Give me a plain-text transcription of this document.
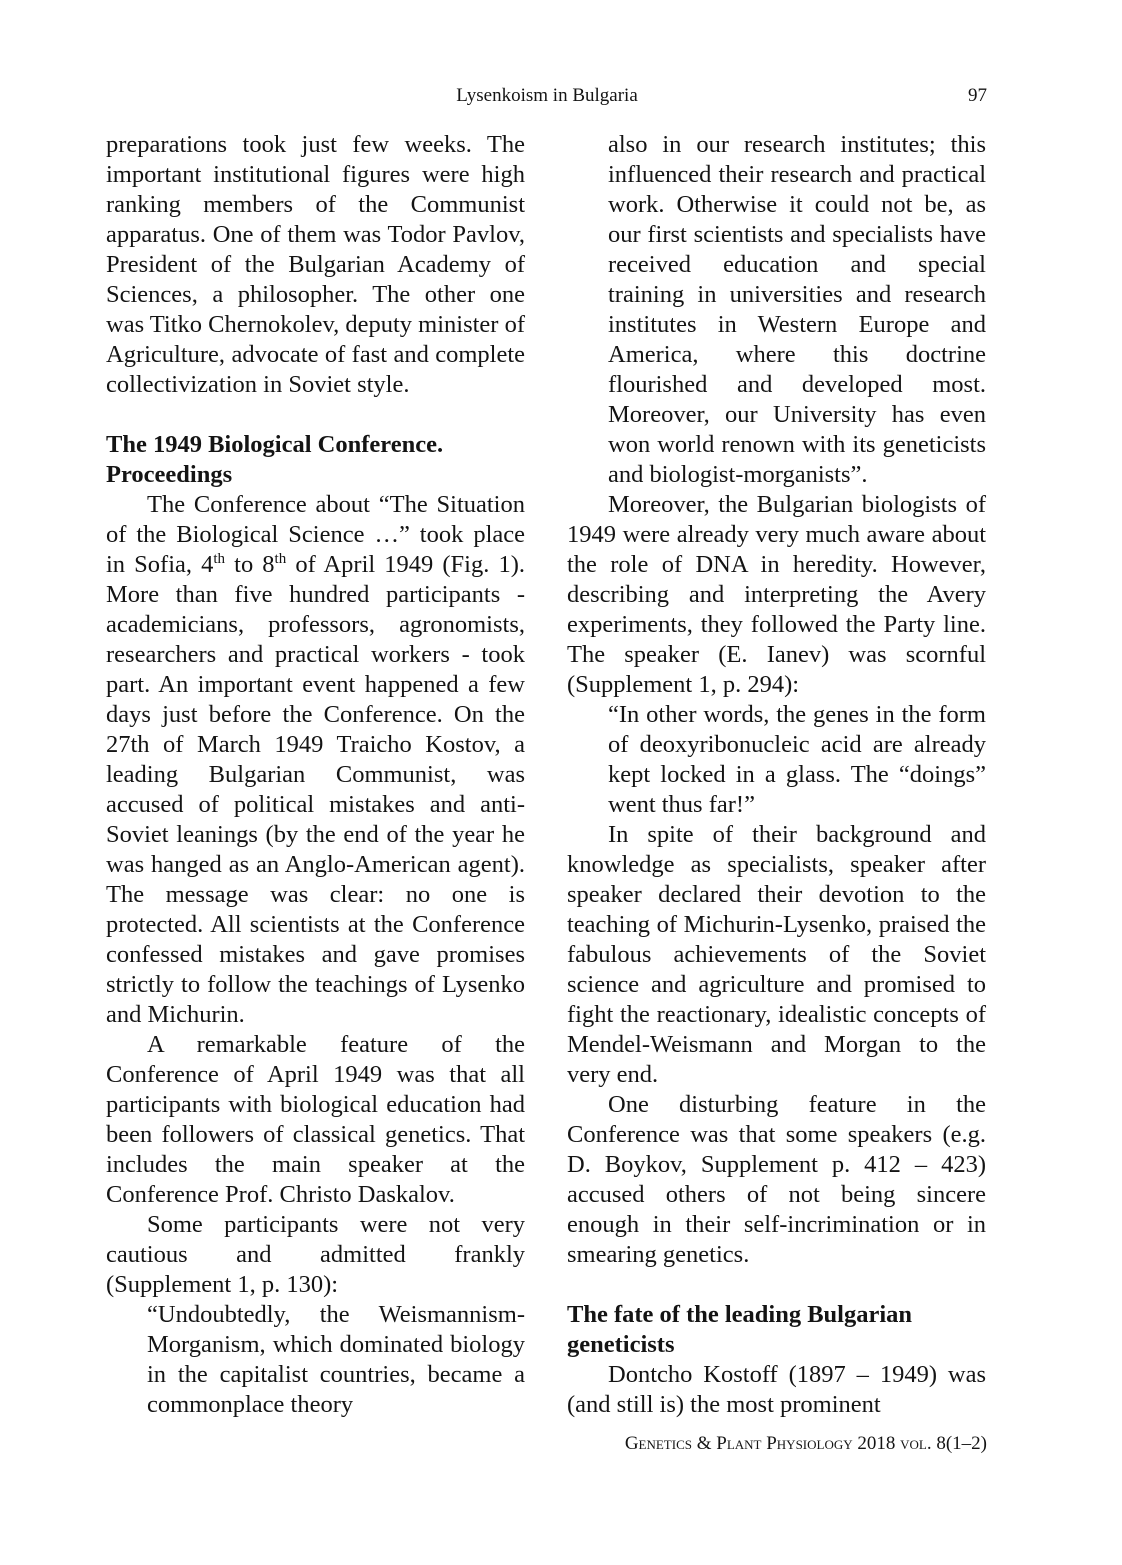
Lysenkoism in Bulgaria	97

preparations took just few weeks. The important institutional figures were high ranking members of the Communist apparatus. One of them was Todor Pavlov, President of the Bulgarian Academy of Sciences, a philosopher. The other one was Titko Chernokolev, deputy minister of Agriculture, advocate of fast and complete collectivization in Soviet style.

The 1949 Biological Conference.
Proceedings

The Conference about “The Situation of the Biological Science …” took place in Sofia, 4th to 8th of April 1949 (Fig. 1). More than five hundred participants - academicians, professors, agronomists, researchers and practical workers - took part. An important event happened a few days just before the Conference. On the 27th of March 1949 Traicho Kostov, a leading Bulgarian Communist, was accused of political mistakes and anti-Soviet leanings (by the end of the year he was hanged as an Anglo-American agent). The message was clear: no one is protected. All scientists at the Conference confessed mistakes and gave promises strictly to follow the teachings of Lysenko and Michurin.

A remarkable feature of the Conference of April 1949 was that all participants with biological education had been followers of classical genetics. That includes the main speaker at the Conference Prof. Christo Daskalov.

Some participants were not very cautious and admitted frankly (Supplement 1, p. 130):

“Undoubtedly, the Weismannism-Morganism, which dominated biology in the capitalist countries, became a commonplace theory

also in our research institutes; this influenced their research and practical work. Otherwise it could not be, as our first scientists and specialists have received education and special training in universities and research institutes in Western Europe and America, where this doctrine flourished and developed most. Moreover, our University has even won world renown with its geneticists and biologist-morganists”.

Moreover, the Bulgarian biologists of 1949 were already very much aware about the role of DNA in heredity. However, describing and interpreting the Avery experiments, they followed the Party line. The speaker (E. Ianev) was scornful (Supplement 1, p. 294):

“In other words, the genes in the form of deoxyribonucleic acid are already kept locked in a glass. The “doings” went thus far!”

In spite of their background and knowledge as specialists, speaker after speaker declared their devotion to the teaching of Michurin-Lysenko, praised the fabulous achievements of the Soviet science and agriculture and promised to fight the reactionary, idealistic concepts of Mendel-Weismann and Morgan to the very end.

One disturbing feature in the Conference was that some speakers (e.g. D. Boykov, Supplement p. 412 – 423) accused others of not being sincere enough in their self-incrimination or in smearing genetics.

The fate of the leading Bulgarian
geneticists

Dontcho Kostoff (1897 – 1949) was (and still is) the most prominent

Genetics & Plant Physiology 2018 vol. 8(1–2)
